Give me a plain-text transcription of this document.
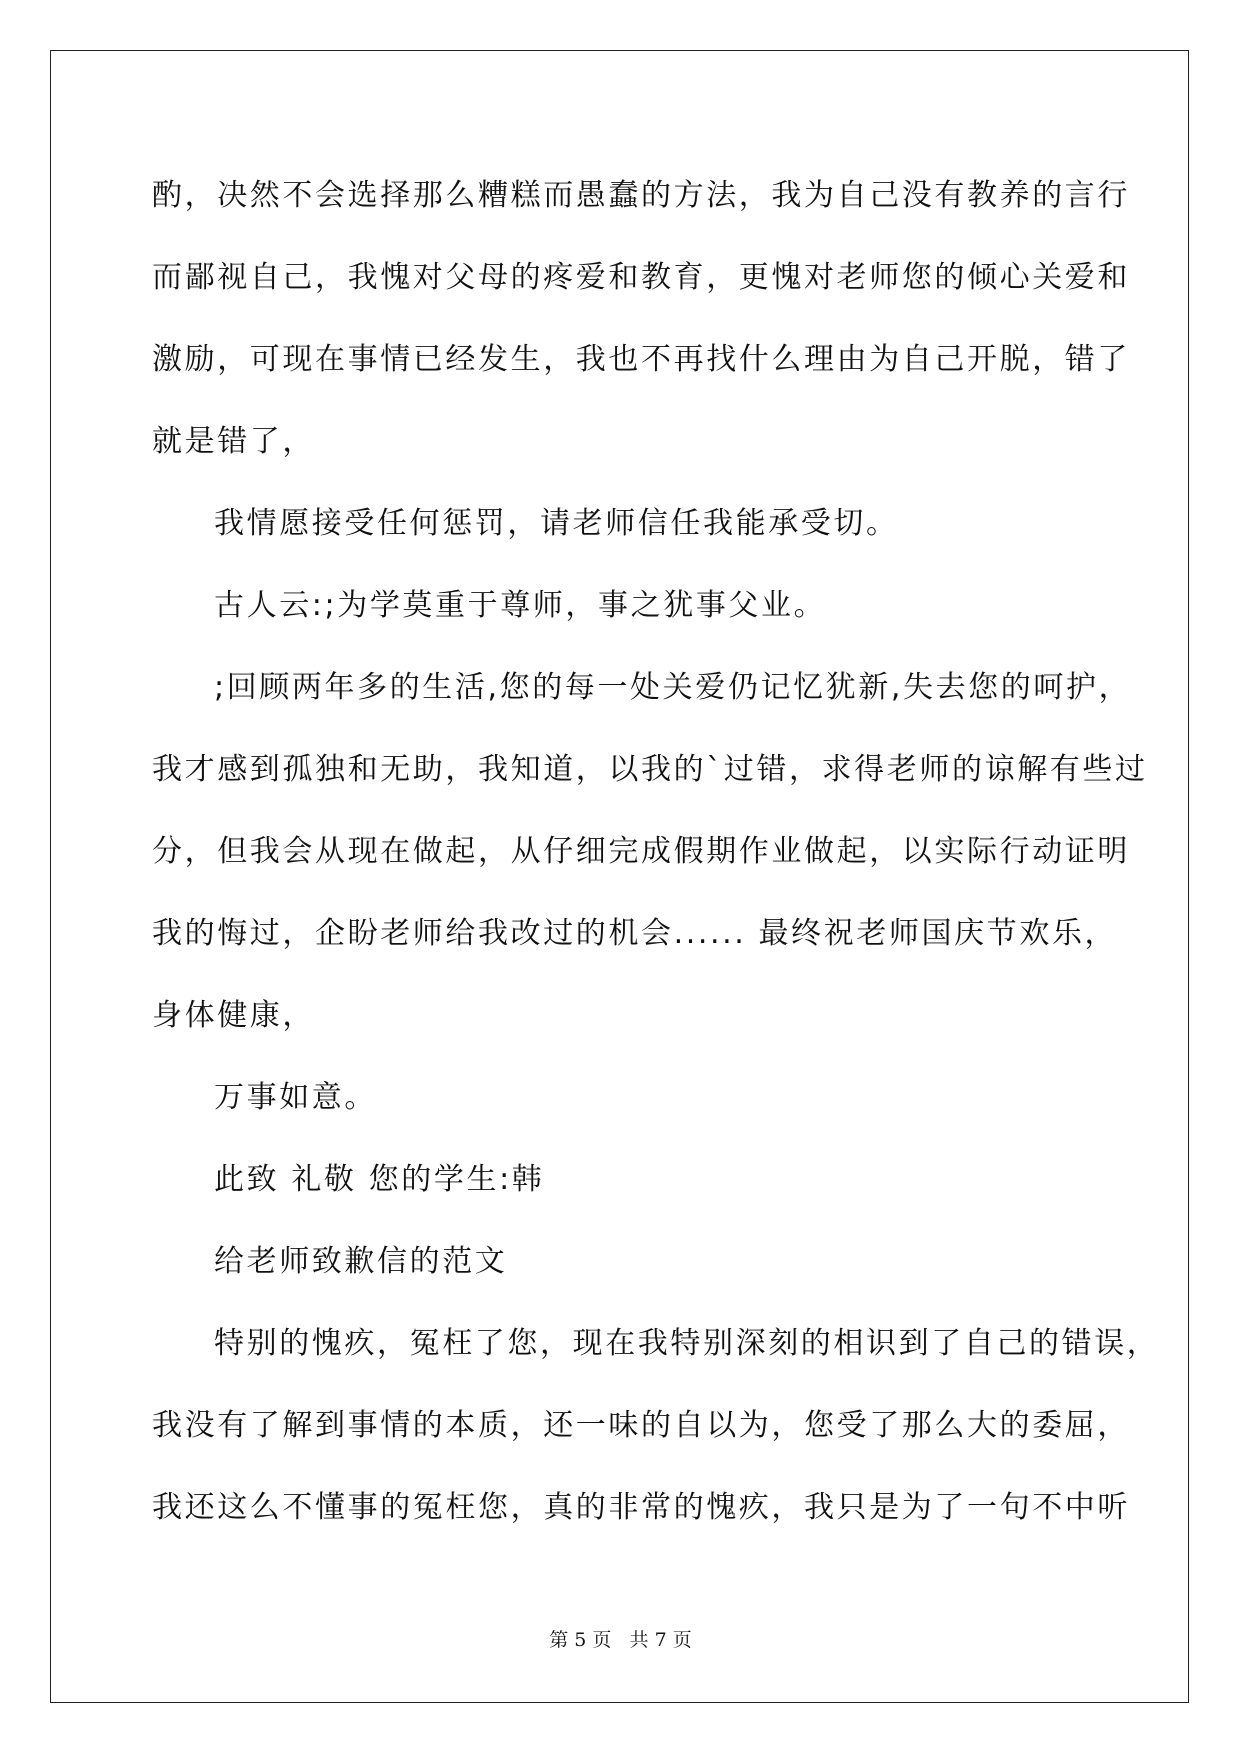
酌，决然不会选择那么糟糕而愚蠢的方法，我为自己没有教养的言行
而鄙视自己，我愧对父母的疼爱和教育，更愧对老师您的倾心关爱和
激励，可现在事情已经发生，我也不再找什么理由为自己开脱，错了
就是错了，
我情愿接受任何惩罚，请老师信任我能承受切。
古人云:;为学莫重于尊师，事之犹事父业。
;回顾两年多的生活,您的每一处关爱仍记忆犹新,失去您的呵护，
我才感到孤独和无助，我知道，以我的`过错，求得老师的谅解有些过
分，但我会从现在做起，从仔细完成假期作业做起，以实际行动证明
我的悔过，企盼老师给我改过的机会...... 最终祝老师国庆节欢乐，
身体健康，
万事如意。
此致 礼敬 您的学生:韩
给老师致歉信的范文
特别的愧疚，冤枉了您，现在我特别深刻的相识到了自己的错误，
我没有了解到事情的本质，还一味的自以为，您受了那么大的委屈，
我还这么不懂事的冤枉您，真的非常的愧疚，我只是为了一句不中听
第 5 页   共 7 页
